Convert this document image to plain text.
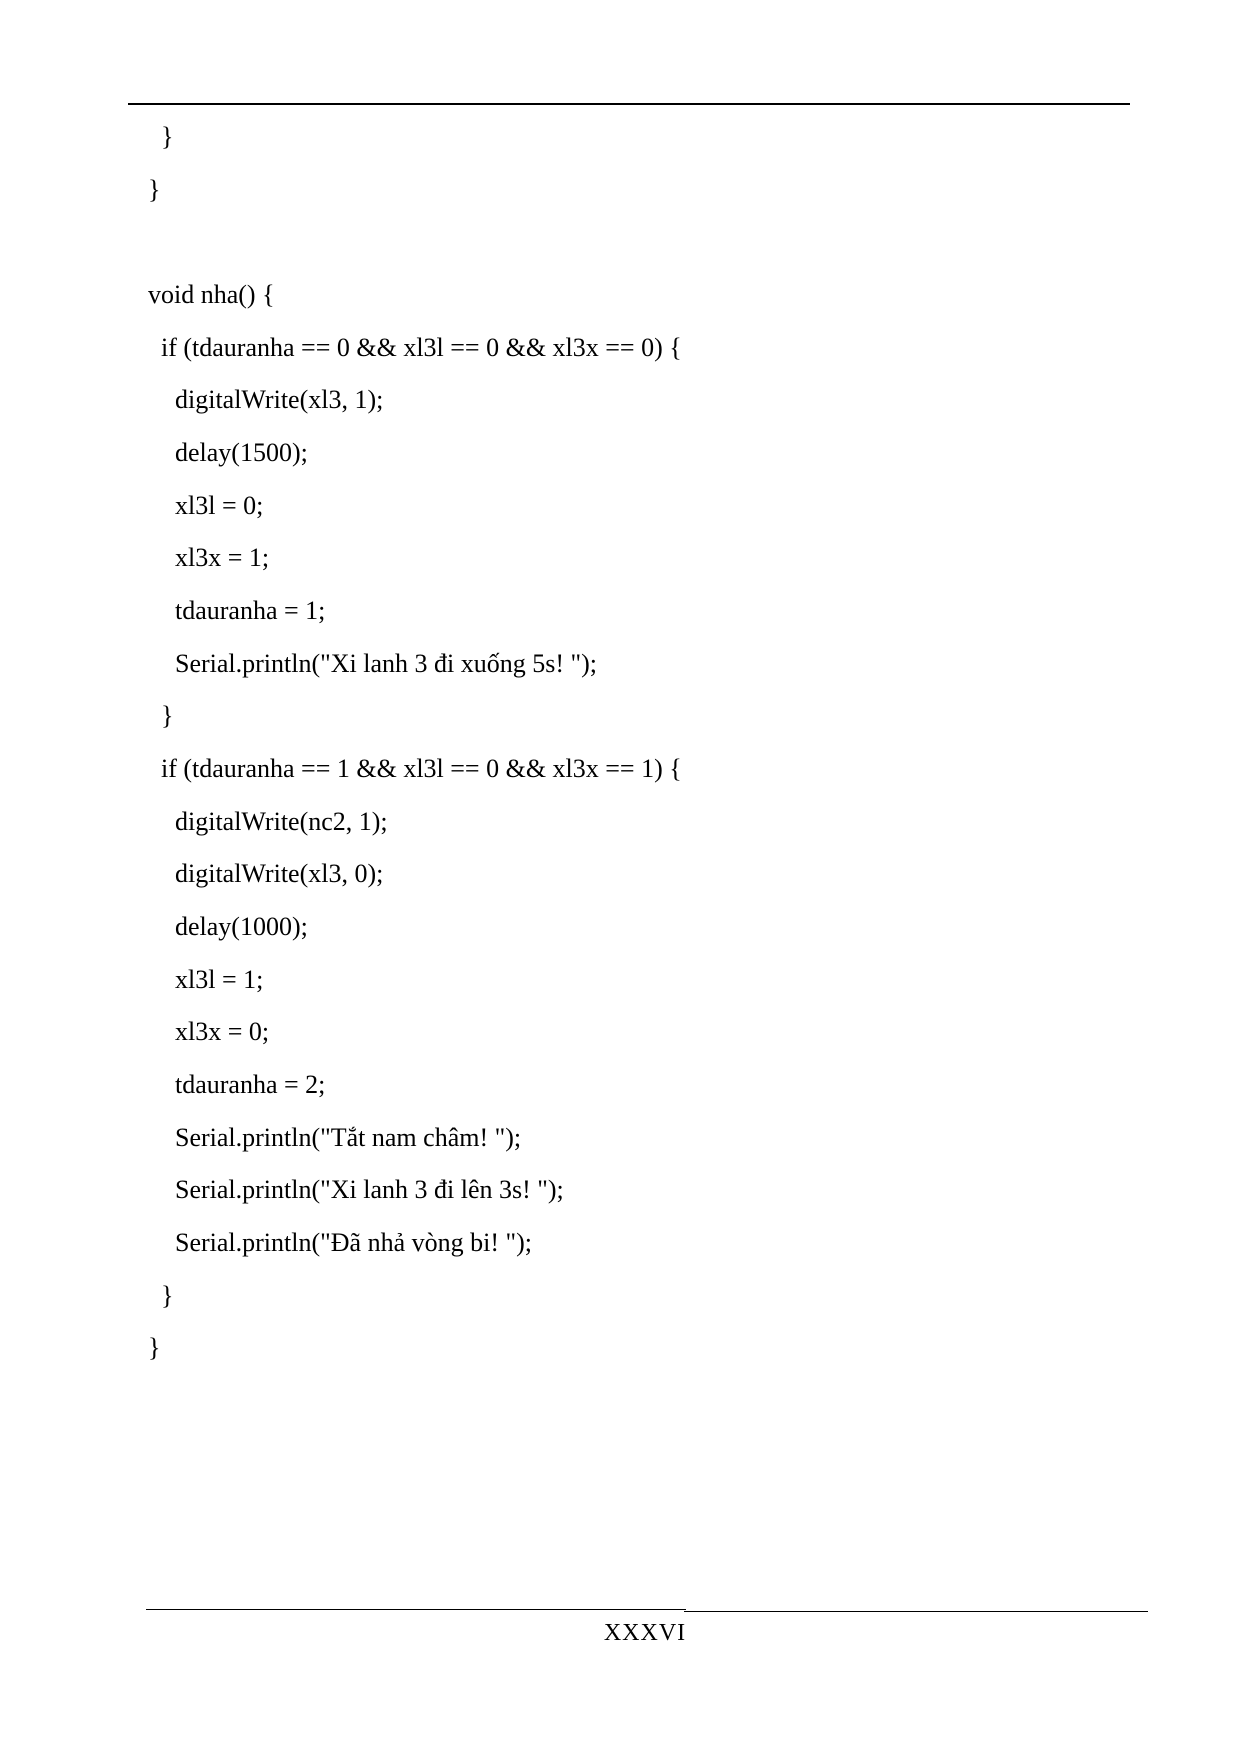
}
}
void nha() {
if (tdauranha == 0 && xl3l == 0 && xl3x == 0) {
digitalWrite(xl3, 1);
delay(1500);
xl3l = 0;
xl3x = 1;
tdauranha = 1;
Serial.println("Xi lanh 3 đi xuống 5s! ");
}
if (tdauranha == 1 && xl3l == 0 && xl3x == 1) {
digitalWrite(nc2, 1);
digitalWrite(xl3, 0);
delay(1000);
xl3l = 1;
xl3x = 0;
tdauranha = 2;
Serial.println("Tắt nam châm! ");
Serial.println("Xi lanh 3 đi lên 3s! ");
Serial.println("Đã nhả vòng bi! ");
}
}
XXXVI
